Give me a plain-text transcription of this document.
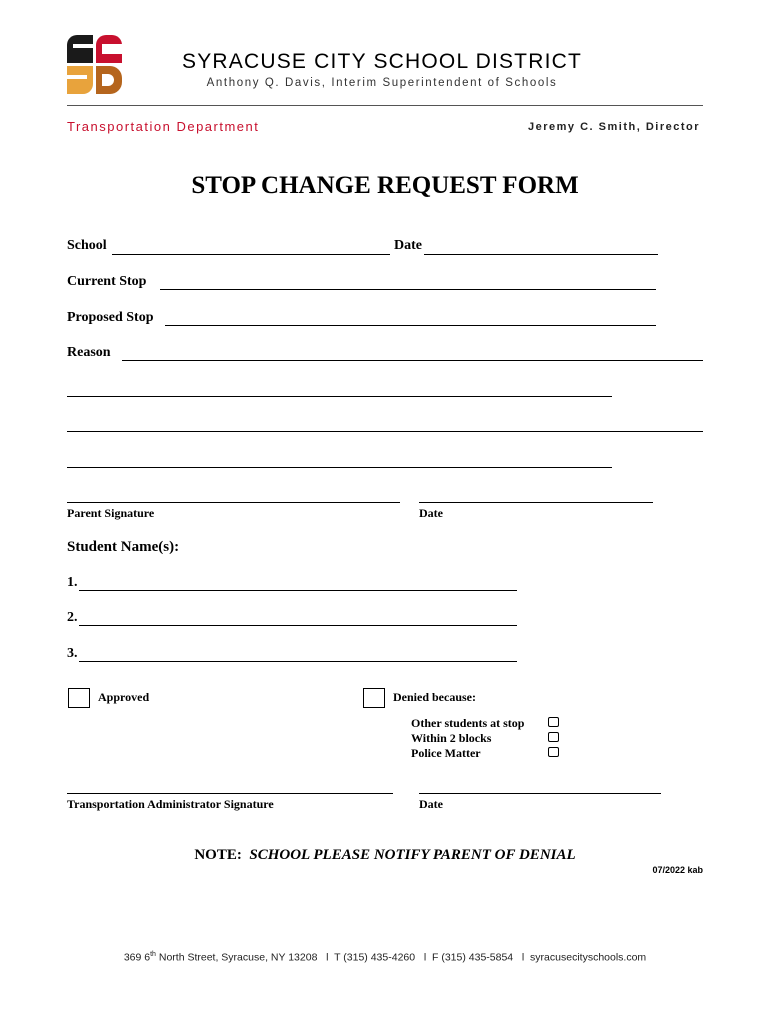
SYRACUSE CITY SCHOOL DISTRICT
Anthony Q. Davis, Interim Superintendent of Schools
Transportation Department	Jeremy C. Smith, Director
STOP CHANGE REQUEST FORM
School	Date
Current Stop
Proposed Stop
Reason
Parent Signature	Date
Student Name(s):
1.
2.
3.
Approved	Denied because:
Other students at stop
Within 2 blocks
Police Matter
Transportation Administrator Signature	Date
NOTE: SCHOOL PLEASE NOTIFY PARENT OF DENIAL
07/2022 kab
369 6th North Street, Syracuse, NY 13208   l  T (315) 435-4260   l  F (315) 435-5854   l  syracusecityschools.com
